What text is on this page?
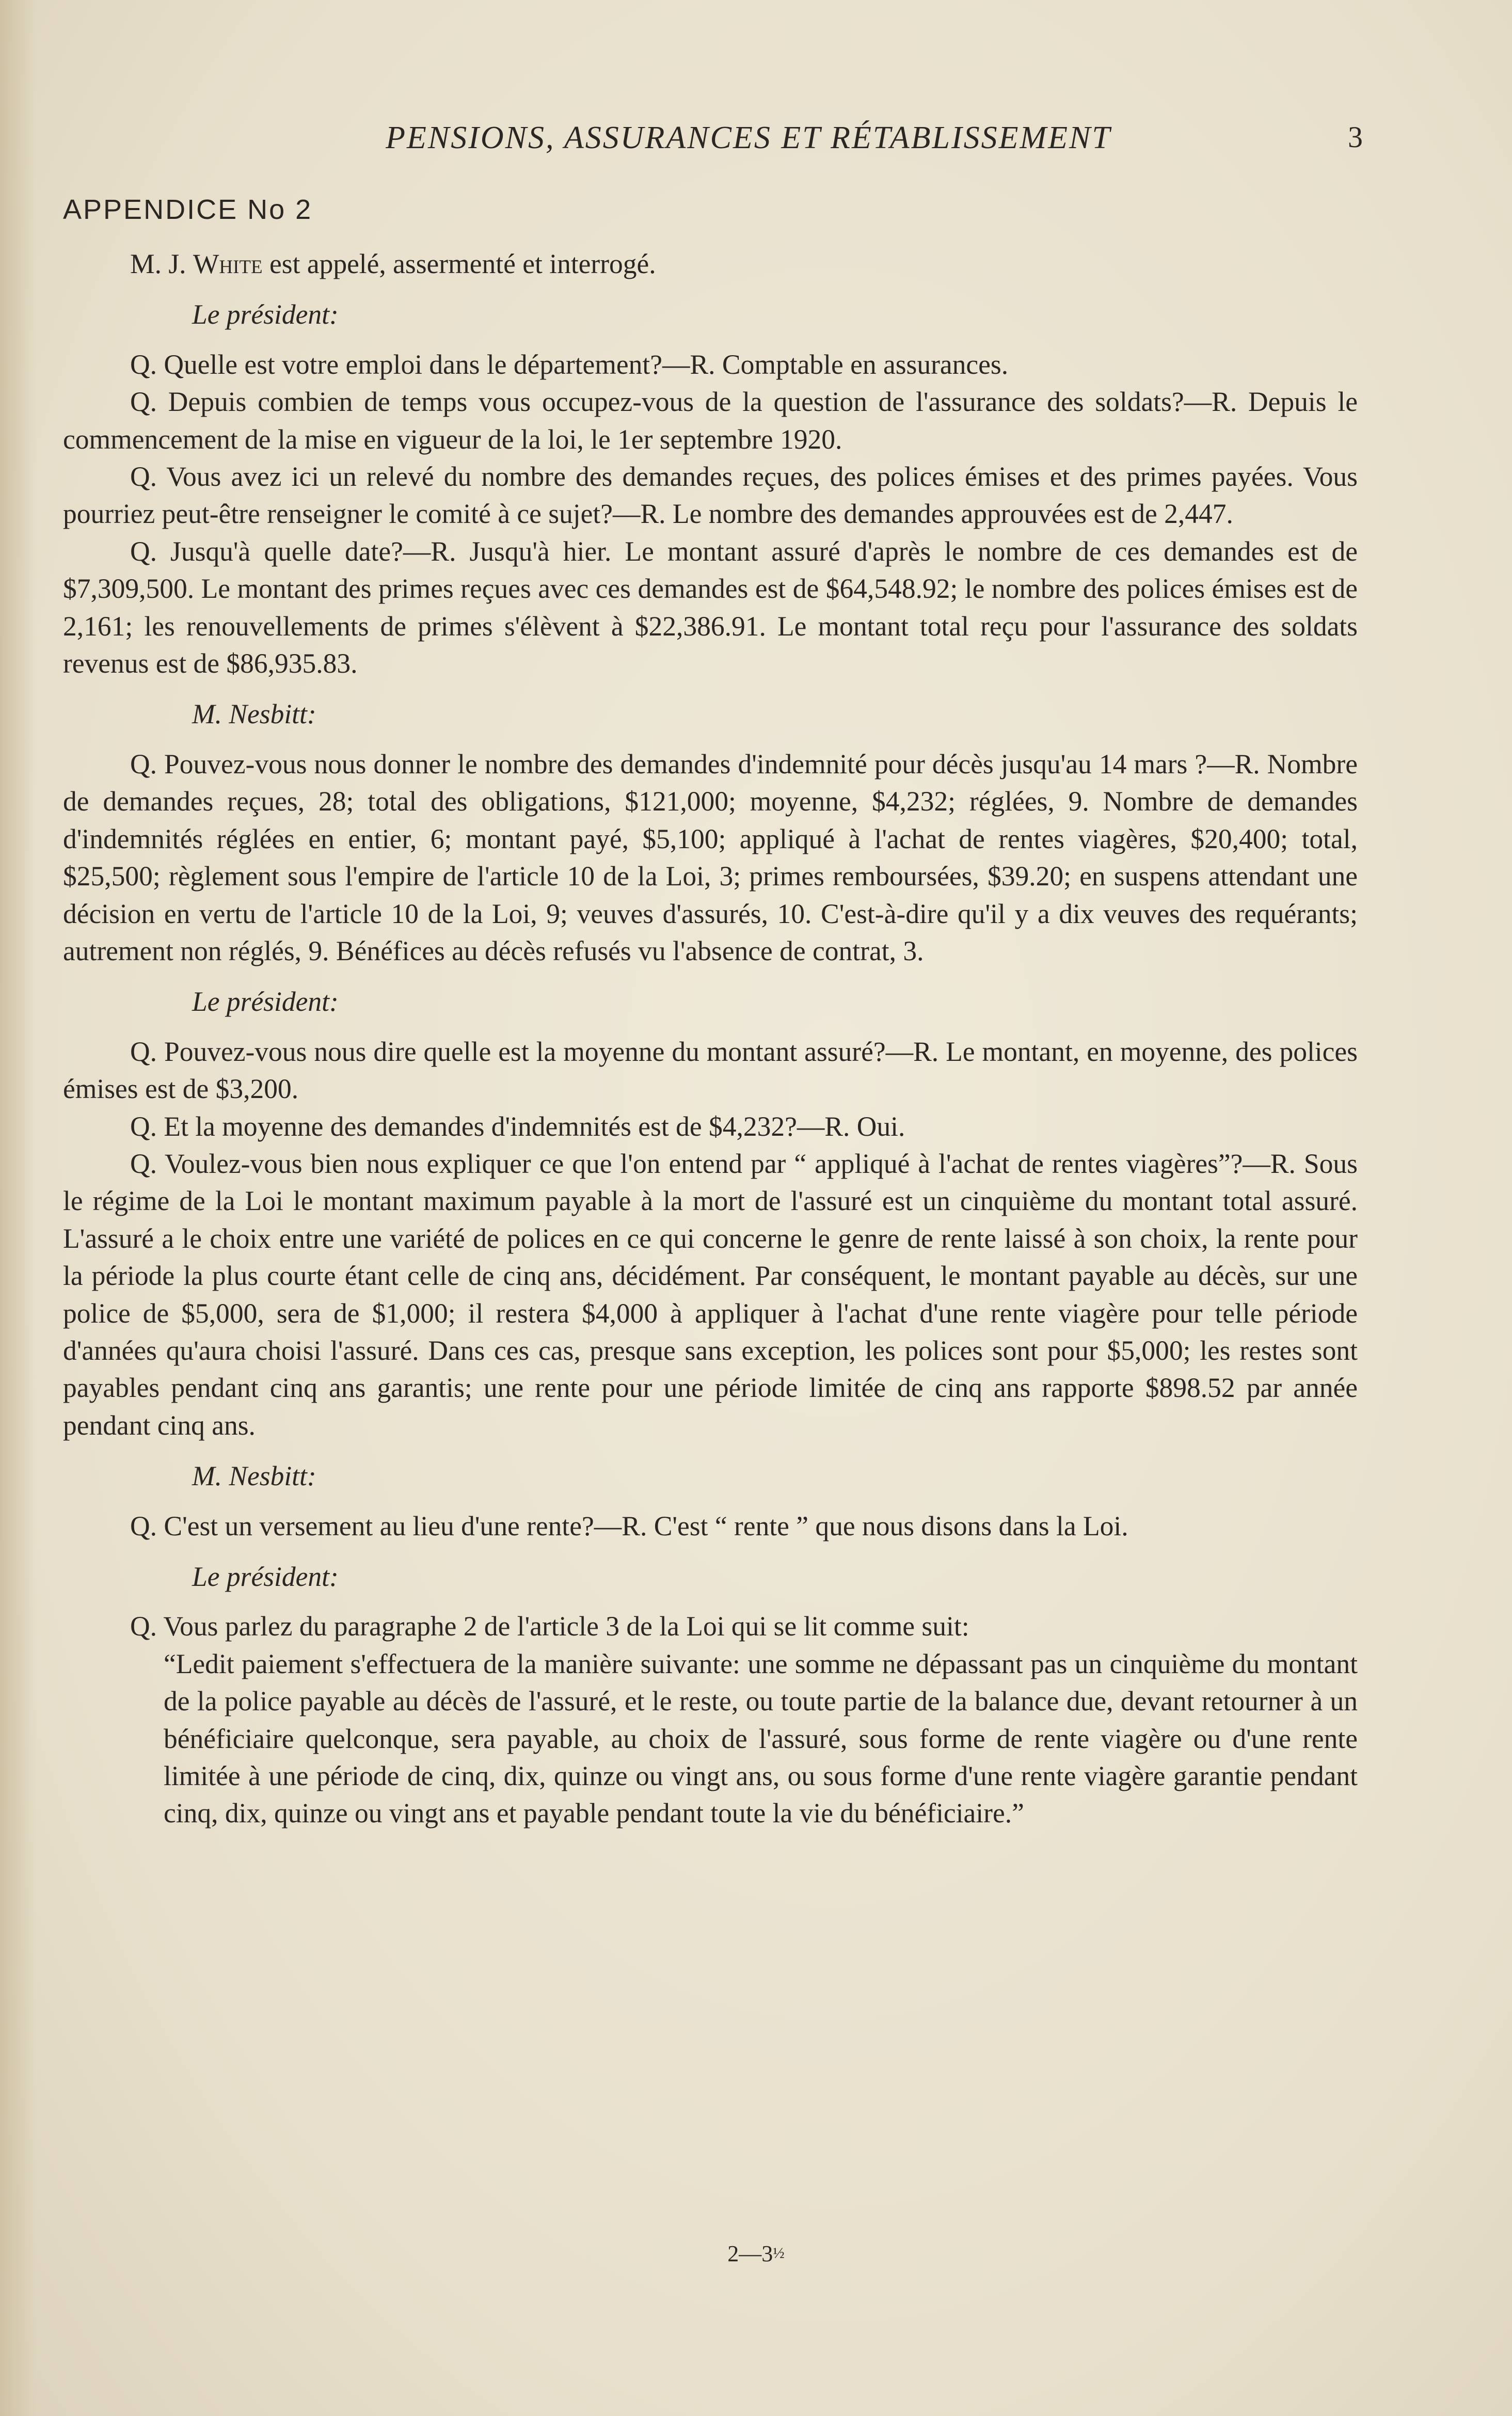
PENSIONS, ASSURANCES ET RÉTABLISSEMENT	3
APPENDICE No 2

M. J. White est appelé, assermenté et interrogé.

Le président:

Q. Quelle est votre emploi dans le département?—R. Comptable en assurances.

Q. Depuis combien de temps vous occupez-vous de la question de l'assurance des soldats?—R. Depuis le commencement de la mise en vigueur de la loi, le 1er septembre 1920.

Q. Vous avez ici un relevé du nombre des demandes reçues, des polices émises et des primes payées. Vous pourriez peut-être renseigner le comité à ce sujet?—R. Le nombre des demandes approuvées est de 2,447.

Q. Jusqu'à quelle date?—R. Jusqu'à hier. Le montant assuré d'après le nombre de ces demandes est de $7,309,500. Le montant des primes reçues avec ces demandes est de $64,548.92; le nombre des polices émises est de 2,161; les renouvellements de primes s'élèvent à $22,386.91. Le montant total reçu pour l'assurance des soldats revenus est de $86,935.83.

M. Nesbitt:

Q. Pouvez-vous nous donner le nombre des demandes d'indemnité pour décès jusqu'au 14 mars ?—R. Nombre de demandes reçues, 28; total des obligations, $121,000; moyenne, $4,232; réglées, 9. Nombre de demandes d'indemnités réglées en entier, 6; montant payé, $5,100; appliqué à l'achat de rentes viagères, $20,400; total, $25,500; règlement sous l'empire de l'article 10 de la Loi, 3; primes remboursées, $39.20; en suspens attendant une décision en vertu de l'article 10 de la Loi, 9; veuves d'assurés, 10. C'est-à-dire qu'il y a dix veuves des requérants; autrement non réglés, 9. Bénéfices au décès refusés vu l'absence de contrat, 3.

Le président:

Q. Pouvez-vous nous dire quelle est la moyenne du montant assuré?—R. Le montant, en moyenne, des polices émises est de $3,200.

Q. Et la moyenne des demandes d'indemnités est de $4,232?—R. Oui.

Q. Voulez-vous bien nous expliquer ce que l'on entend par “ appliqué à l'achat de rentes viagères”?—R. Sous le régime de la Loi le montant maximum payable à la mort de l'assuré est un cinquième du montant total assuré. L'assuré a le choix entre une variété de polices en ce qui concerne le genre de rente laissé à son choix, la rente pour la période la plus courte étant celle de cinq ans, décidément. Par conséquent, le montant payable au décès, sur une police de $5,000, sera de $1,000; il restera $4,000 à appliquer à l'achat d'une rente viagère pour telle période d'années qu'aura choisi l'assuré. Dans ces cas, presque sans exception, les polices sont pour $5,000; les restes sont payables pendant cinq ans garantis; une rente pour une période limitée de cinq ans rapporte $898.52 par année pendant cinq ans.

M. Nesbitt:

Q. C'est un versement au lieu d'une rente?—R. C'est “ rente ” que nous disons dans la Loi.

Le président:

Q. Vous parlez du paragraphe 2 de l'article 3 de la Loi qui se lit comme suit:

“Ledit paiement s'effectuera de la manière suivante: une somme ne dépassant pas un cinquième du montant de la police payable au décès de l'assuré, et le reste, ou toute partie de la balance due, devant retourner à un bénéficiaire quelconque, sera payable, au choix de l'assuré, sous forme de rente viagère ou d'une rente limitée à une période de cinq, dix, quinze ou vingt ans, ou sous forme d'une rente viagère garantie pendant cinq, dix, quinze ou vingt ans et payable pendant toute la vie du bénéficiaire.”

2—3½
